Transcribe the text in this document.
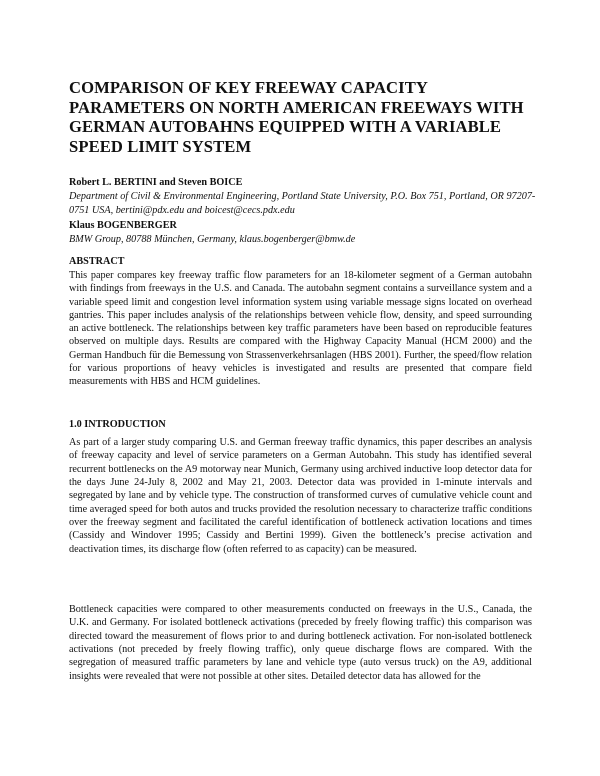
COMPARISON OF KEY FREEWAY CAPACITY PARAMETERS ON NORTH AMERICAN FREEWAYS WITH GERMAN AUTOBAHNS EQUIPPED WITH A VARIABLE SPEED LIMIT SYSTEM
Robert L. BERTINI and Steven BOICE
Department of Civil & Environmental Engineering, Portland State University, P.O. Box 751, Portland, OR 97207-0751 USA, bertini@pdx.edu and boicest@cecs.pdx.edu
Klaus BOGENBERGER
BMW Group, 80788 München, Germany, klaus.bogenberger@bmw.de
ABSTRACT

This paper compares key freeway traffic flow parameters for an 18-kilometer segment of a German autobahn with findings from freeways in the U.S. and Canada. The autobahn segment contains a surveillance system and a variable speed limit and congestion level information system using variable message signs located on overhead gantries. This paper includes analysis of the relationships between vehicle flow, density, and speed surrounding an active bottleneck. The relationships between key traffic parameters have been based on reproducible features observed on multiple days. Results are compared with the Highway Capacity Manual (HCM 2000) and the German Handbuch für die Bemessung von Strassenverkehrsanlagen (HBS 2001). Further, the speed/flow relation for various proportions of heavy vehicles is investigated and results are presented that compare field measurements with HBS and HCM guidelines.

1.0 INTRODUCTION

As part of a larger study comparing U.S. and German freeway traffic dynamics, this paper describes an analysis of freeway capacity and level of service parameters on a German Autobahn. This study has identified several recurrent bottlenecks on the A9 motorway near Munich, Germany using archived inductive loop detector data for the days June 24-July 8, 2002 and May 21, 2003. Detector data was provided in 1-minute intervals and segregated by lane and by vehicle type. The construction of transformed curves of cumulative vehicle count and time averaged speed for both autos and trucks provided the resolution necessary to characterize traffic conditions over the freeway segment and facilitated the careful identification of bottleneck activation locations and times (Cassidy and Windover 1995; Cassidy and Bertini 1999). Given the bottleneck’s precise activation and deactivation times, its discharge flow (often referred to as capacity) can be measured.

Bottleneck capacities were compared to other measurements conducted on freeways in the U.S., Canada, the U.K. and Germany. For isolated bottleneck activations (preceded by freely flowing traffic) this comparison was directed toward the measurement of flows prior to and during bottleneck activation. For non-isolated bottleneck activations (not preceded by freely flowing traffic), only queue discharge flows are compared. With the segregation of measured traffic parameters by lane and vehicle type (auto versus truck) on the A9, additional insights were revealed that were not possible at other sites. Detailed detector data has allowed for the
